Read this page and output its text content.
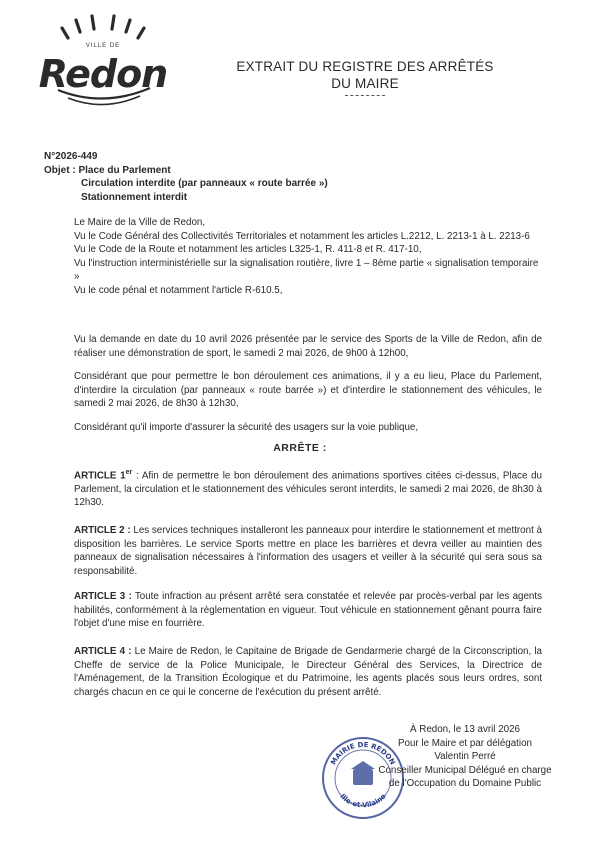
VILLE DE
Redon	EXTRAIT DU REGISTRE DES ARRÊTÉS
DU MAIRE
N°2026-449
Objet : Place du Parlement
Circulation interdite (par panneaux « route barrée »)
Stationnement interdit

Le Maire de la Ville de Redon,

Vu le Code Général des Collectivités Territoriales et notamment les articles L.2212, L. 2213-1 à L. 2213-6

Vu le Code de la Route et notamment les articles L325-1, R. 411-8 et R. 417-10,

Vu l'instruction interministérielle sur la signalisation routière, livre 1 – 8ème partie « signalisation temporaire »

Vu le code pénal et notamment l'article R-610.5,

Vu la demande en date du 10 avril 2026 présentée par le service des Sports de la Ville de Redon, afin de réaliser une démonstration de sport, le samedi 2 mai 2026, de 9h00 à 12h00,
Considérant que pour permettre le bon déroulement ces animations, il y a eu lieu, Place du Parlement, d'interdire la circulation (par panneaux « route barrée ») et d'interdire le stationnement des véhicules, le samedi 2 mai 2026, de 8h30 à 12h30,
Considérant qu'il importe d'assurer la sécurité des usagers sur la voie publique,
ARRÊTE :
ARTICLE 1er : Afin de permettre le bon déroulement des animations sportives citées ci-dessus, Place du Parlement, la circulation et le stationnement des véhicules seront interdits, le samedi 2 mai 2026, de 8h30 à 12h30.
ARTICLE 2 : Les services techniques installeront les panneaux pour interdire le stationnement et mettront à disposition les barrières. Le service Sports mettre en place les barrières et devra veiller au maintien des panneaux de signalisation nécessaires à l'information des usagers et veiller à la sécurité qui sera sous sa responsabilité.
ARTICLE 3 : Toute infraction au présent arrêté sera constatée et relevée par procès-verbal par les agents habilités, conformément à la règlementation en vigueur. Tout véhicule en stationnement gênant pourra faire l'objet d'une mise en fourrière.
ARTICLE 4 : Le Maire de Redon, le Capitaine de Brigade de Gendarmerie chargé de la Circonscription, la Cheffe de service de la Police Municipale, le Directeur Général des Services, la Directrice de l'Aménagement, de la Transition Écologique et du Patrimoine, les agents placés sous leurs ordres, sont chargés chacun en ce qui le concerne de l'exécution du présent arrêté.
MAIRIE DE REDON
Ille-et-Vilaine
À Redon, le 13 avril 2026
Pour le Maire et par délégation
Valentin Perré
Conseiller Municipal Délégué en charge
de l'Occupation du Domaine Public
